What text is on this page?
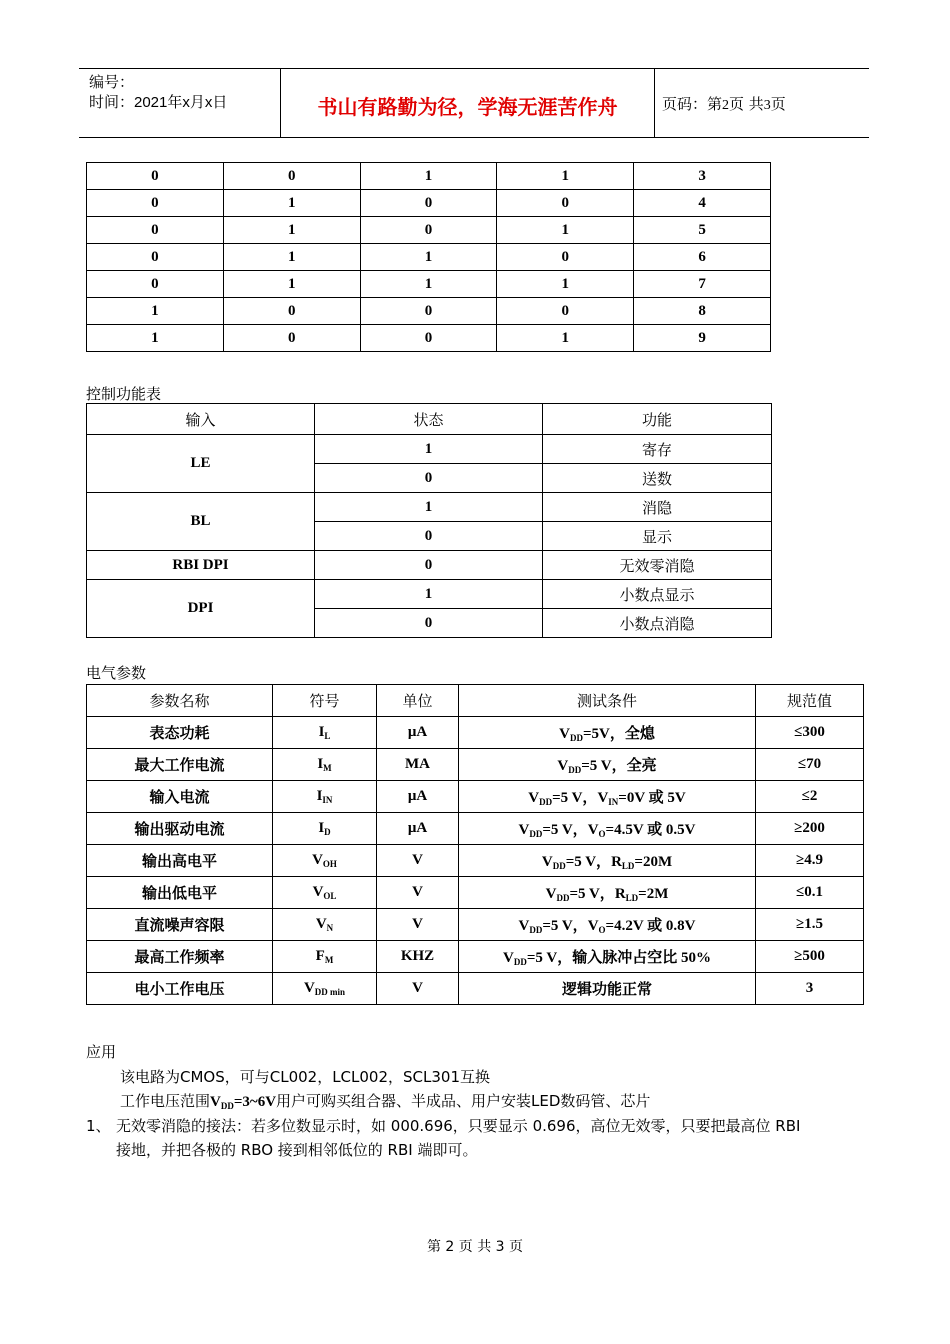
编号：
时间：2021年x月x日	书山有路勤为径，学海无涯苦作舟	页码：第2页 共3页
0	0	1	1	3
0	1	0	0	4
0	1	0	1	5
0	1	1	0	6
0	1	1	1	7
1	0	0	0	8
1	0	0	1	9
控制功能表
输入	状态	功能
LE	1	寄存
	0	送数
BL	1	消隐
	0	显示
RBI DPI	0	无效零消隐
DPI	1	小数点显示
	0	小数点消隐
电气参数
参数名称	符号	单位	测试条件	规范值
表态功耗	$I_L$	μA	$V_{DD}=5V$，全熄	≤300
最大工作电流	$I_M$	MA	$V_{DD}=5$ V，全亮	≤70
输入电流	$I_{IN}$	μA	$V_{DD}=5$ V，$V_{IN}=0V$ 或 5V	≤2
输出驱动电流	$I_D$	μA	$V_{DD}=5$ V，$V_O=4.5V$ 或 0.5V	≥200
输出高电平	$V_{OH}$	V	$V_{DD}=5$ V，$R_{LD}=20M$	≥4.9
输出低电平	$V_{OL}$	V	$V_{DD}=5$ V，$R_{LD}=2M$	≤0.1
直流噪声容限	$V_N$	V	$V_{DD}=5$ V，$V_O=4.2V$ 或 0.8V	≥1.5
最高工作频率	$F_M$	KHZ	$V_{DD}=5$ V，输入脉冲占空比 50%	≥500
电小工作电压	$V_{DD min}$	V	逻辑功能正常	3
应用
该电路为CMOS，可与CL002，LCL002，SCL301互换
工作电压范围$V_{DD}=3\sim 6V$用户可购买组合器、半成品、用户安装LED数码管、芯片
1、 无效零消隐的接法：若多位数显示时，如 000.696，只要显示 0.696，高位无效零，只要把最高位 RBI
接地，并把各极的 RBO 接到相邻低位的 RBI 端即可。
第 2 页 共 3 页
